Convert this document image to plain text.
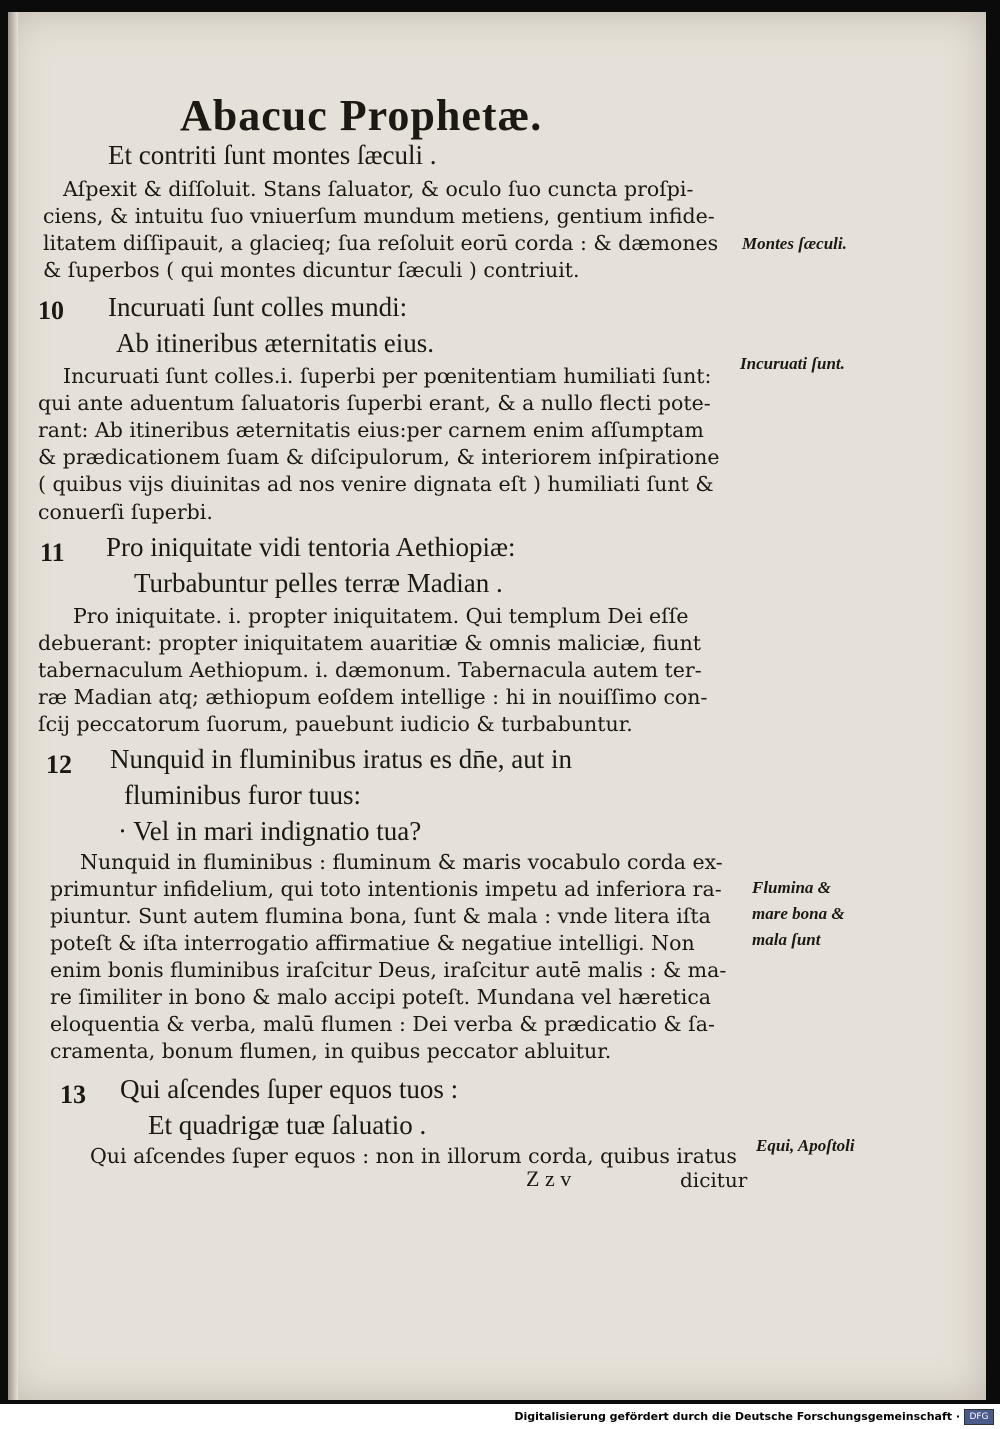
Abacuc Prophetæ.
Et contriti ſunt montes ſæculi .
Aſpexit & diſſoluit. Stans ſaluator, & oculo ſuo cuncta proſpi-
ciens, & intuitu ſuo vniuerſum mundum metiens, gentium infide-
litatem diſſipauit, a glacieq; ſua reſoluit eorū corda : & dæmones
& ſuperbos ( qui montes dicuntur ſæculi ) contriuit.
10 Incuruati ſunt colles mundi:
Ab itineribus æternitatis eius.
Incuruati ſunt colles.i. ſuperbi per pœnitentiam humiliati ſunt:
qui ante aduentum ſaluatoris ſuperbi erant, & a nullo flecti pote-
rant: Ab itineribus æternitatis eius:per carnem enim aſſumptam
& prædicationem ſuam & diſcipulorum, & interiorem inſpiratione
( quibus vijs diuinitas ad nos venire dignata eſt ) humiliati ſunt &
conuerſi ſuperbi.
11 Pro iniquitate vidi tentoria Aethiopiæ:
Turbabuntur pelles terræ Madian .
Pro iniquitate. i. propter iniquitatem. Qui templum Dei eſſe
debuerant: propter iniquitatem auaritiæ & omnis maliciæ, fiunt
tabernaculum Aethiopum. i. dæmonum. Tabernacula autem ter-
ræ Madian atq; æthiopum eoſdem intellige : hi in nouiſſimo con-
ſcij peccatorum ſuorum, pauebunt iudicio & turbabuntur.
12 Nunquid in fluminibus iratus es dn̄e, aut in
fluminibus furor tuus:
· Vel in mari indignatio tua?
Nunquid in fluminibus : fluminum & maris vocabulo corda ex-
primuntur infidelium, qui toto intentionis impetu ad inferiora ra-
piuntur. Sunt autem flumina bona, ſunt & mala : vnde litera iſta
poteſt & iſta interrogatio affirmatiue & negatiue intelligi. Non
enim bonis fluminibus iraſcitur Deus, iraſcitur autē malis : & ma-
re ſimiliter in bono & malo accipi poteſt. Mundana vel hæretica
eloquentia & verba, malū flumen : Dei verba & prædicatio & ſa-
cramenta, bonum flumen, in quibus peccator abluitur.
13 Qui aſcendes ſuper equos tuos :
Et quadrigæ tuæ ſaluatio .
Qui aſcendes ſuper equos : non in illorum corda, quibus iratus
Z z v	dicitur
Montes ſæculi.
Incuruati ſunt.
Flumina &
mare bona &
mala ſunt
Equi, Apoſtoli
Digitalisierung gefördert durch die Deutsche Forschungsgemeinschaft ·	DFG
